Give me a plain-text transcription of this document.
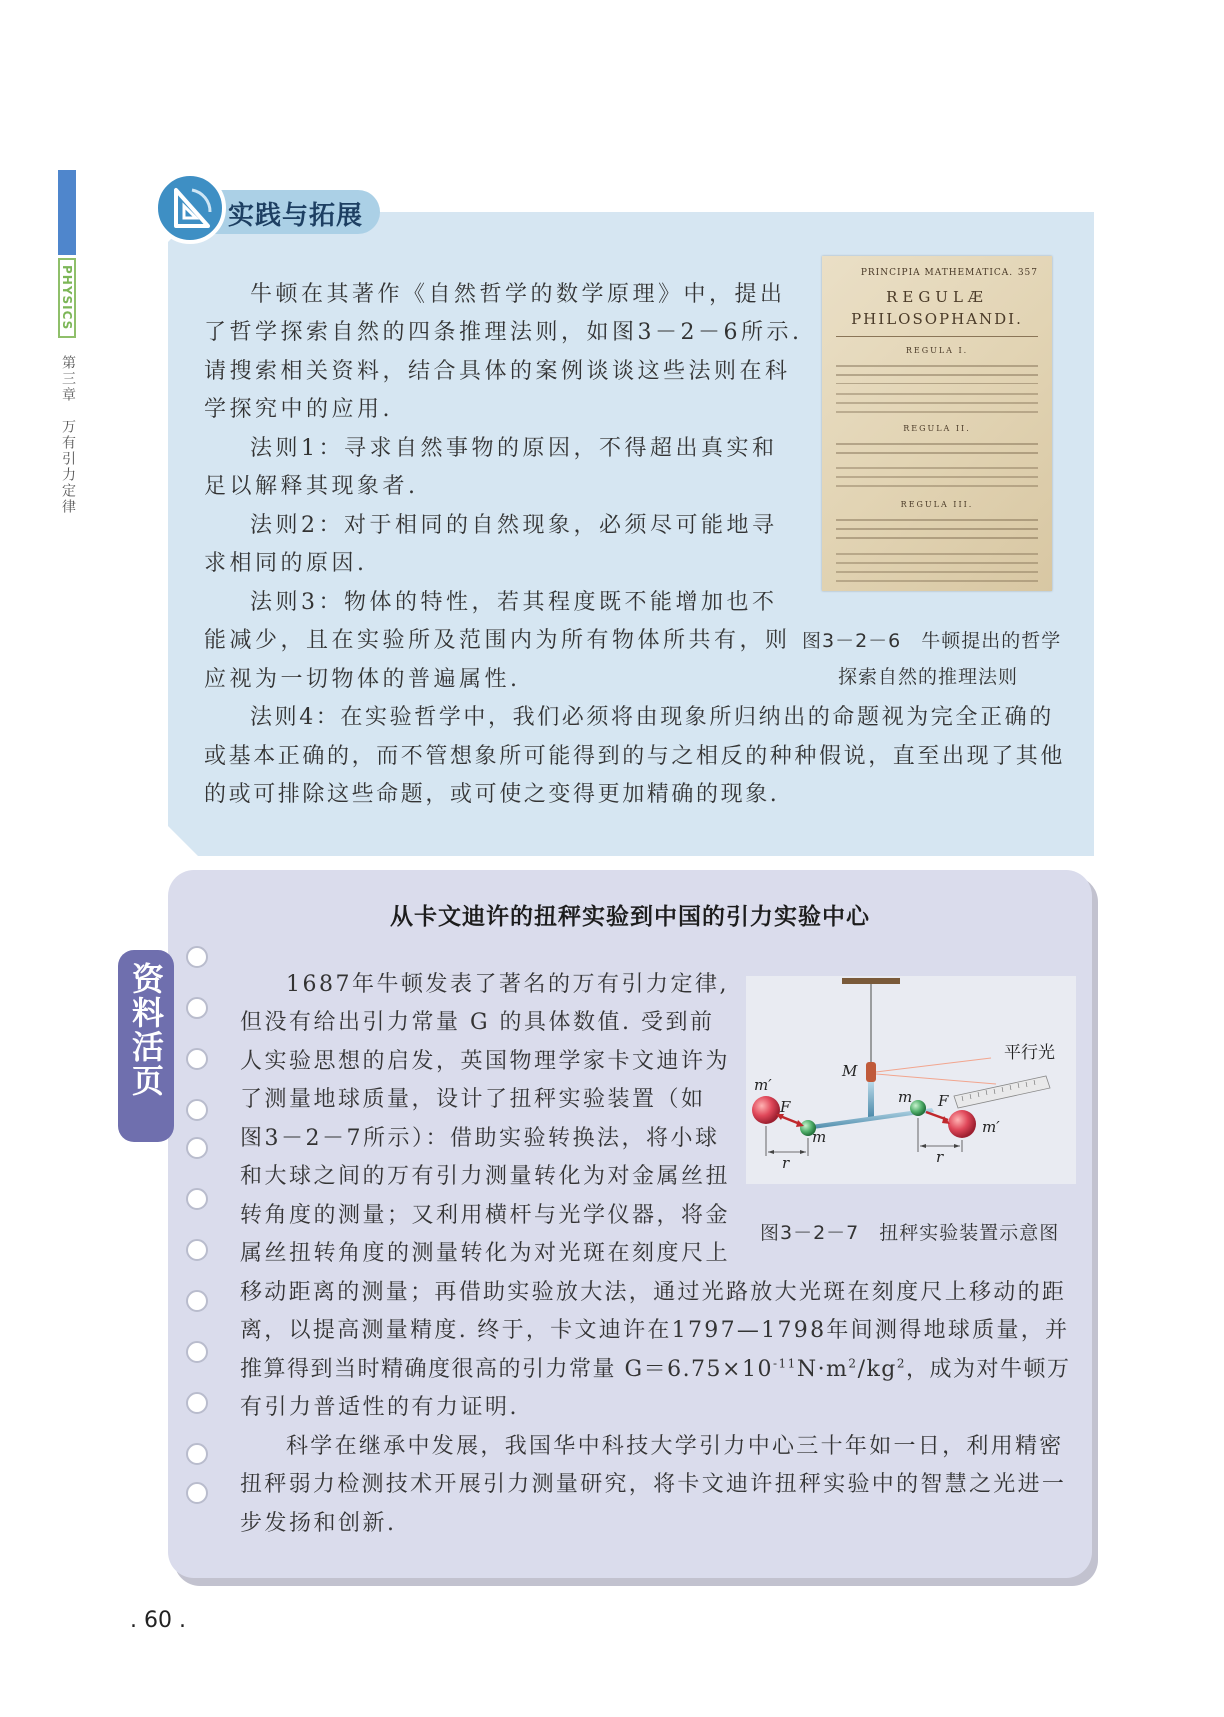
PHYSICS
第三章　万有引力定律
实践与拓展
牛顿在其著作《自然哲学的数学原理》中，提出
了哲学探索自然的四条推理法则，如图3－2－6所示.
请搜索相关资料，结合具体的案例谈谈这些法则在科
学探究中的应用.
法则1：寻求自然事物的原因，不得超出真实和
足以解释其现象者.
法则2：对于相同的自然现象，必须尽可能地寻
求相同的原因.
法则3：物体的特性，若其程度既不能增加也不
能减少，且在实验所及范围内为所有物体所共有，则
应视为一切物体的普遍属性.
法则4：在实验哲学中，我们必须将由现象所归纳出的命题视为完全正确的
或基本正确的，而不管想象所可能得到的与之相反的种种假说，直至出现了其他
的或可排除这些命题，或可使之变得更加精确的现象.
PRINCIPIA MATHEMATICA. 357
REGULÆ
PHILOSOPHANDI.
REGULA I.
REGULA II.
REGULA III.
图3－2－6　牛顿提出的哲学
探索自然的推理法则
从卡文迪许的扭秤实验到中国的引力实验中心
资料活页	1687年牛顿发表了著名的万有引力定律,
但没有给出引力常量 G 的具体数值. 受到前
人实验思想的启发，英国物理学家卡文迪许为
了测量地球质量，设计了扭秤实验装置（如
图3－2－7所示）：借助实验转换法，将小球
和大球之间的万有引力测量转化为对金属丝扭
转角度的测量；又利用横杆与光学仪器，将金
属丝扭转角度的测量转化为对光斑在刻度尺上
移动距离的测量；再借助实验放大法，通过光路放大光斑在刻度尺上移动的距
离，以提高测量精度. 终于，卡文迪许在1797—1798年间测得地球质量，并
推算得到当时精确度很高的引力常量 $G=6.75\times 10^{-11}N\cdot m^2/kg^2$，成为对牛顿万
有引力普适性的有力证明.
科学在继承中发展，我国华中科技大学引力中心三十年如一日，利用精密
扭秤弱力检测技术开展引力测量研究，将卡文迪许扭秤实验中的智慧之光进一
步发扬和创新.
m′
F
m
M
m F
m′
r	r
平行光
图3－2－7　扭秤实验装置示意图
. 60 .
